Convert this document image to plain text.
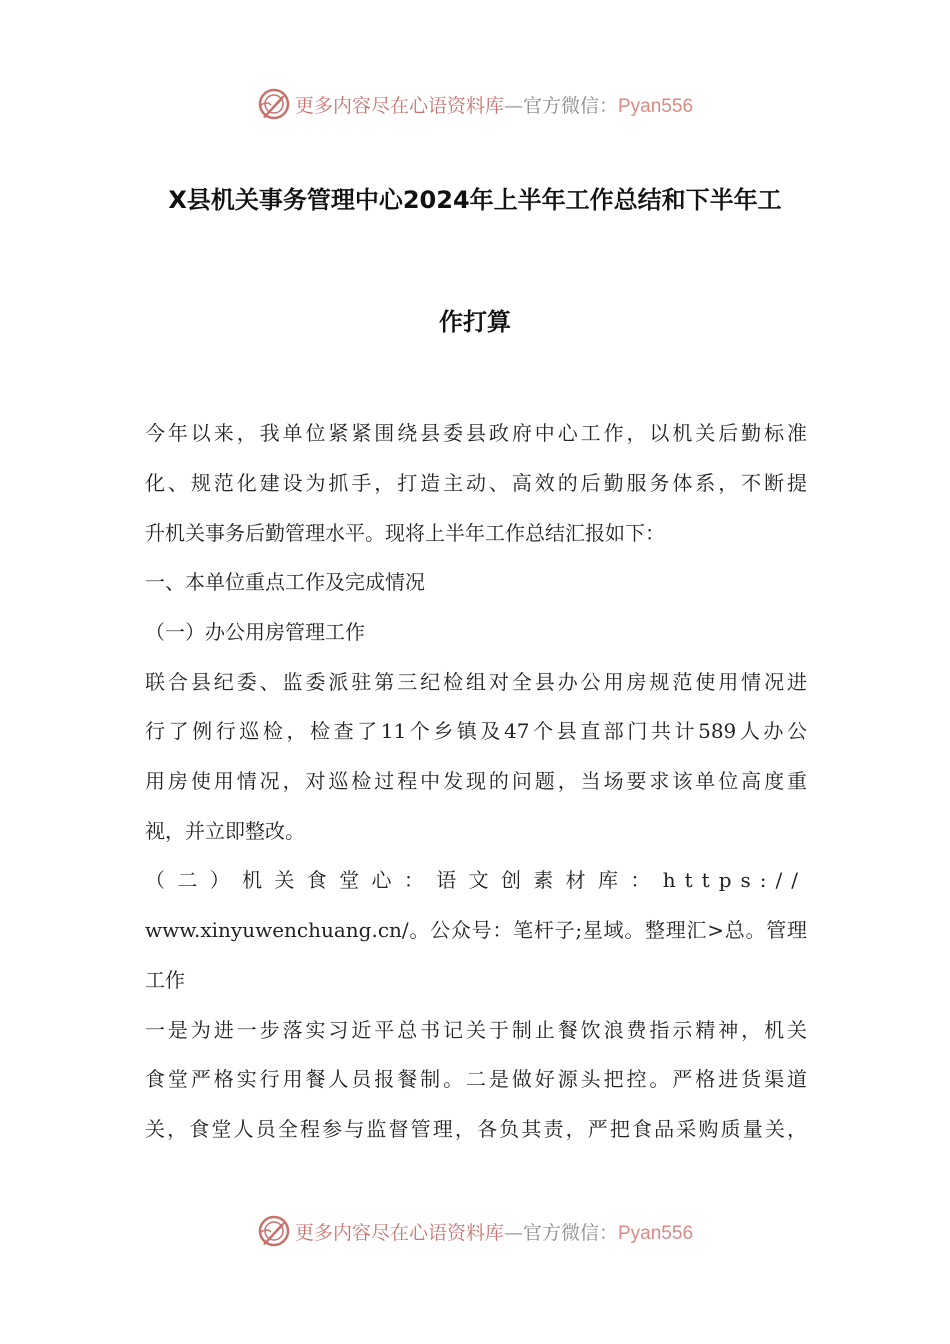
更多内容尽在心语资料库—官方微信：Pyan556
X县机关事务管理中心2024年上半年工作总结和下半年工
作打算
今年以来，我单位紧紧围绕县委县政府中心工作，以机关后勤标准
化、规范化建设为抓手，打造主动、高效的后勤服务体系，不断提
升机关事务后勤管理水平。现将上半年工作总结汇报如下：
一、本单位重点工作及完成情况
（一）办公用房管理工作
联合县纪委、监委派驻第三纪检组对全县办公用房规范使用情况进
行了例行巡检，检查了11个乡镇及47个县直部门共计589人办公
用房使用情况，对巡检过程中发现的问题，当场要求该单位高度重
视，并立即整改。
（二）机关食堂心：语文创素材库：https://
www.xinyuwenchuang.cn/。公众号：笔杆子;星域。整理汇>总。管理
工作
一是为进一步落实习近平总书记关于制止餐饮浪费指示精神，机关
食堂严格实行用餐人员报餐制。二是做好源头把控。严格进货渠道
关，食堂人员全程参与监督管理，各负其责，严把食品采购质量关，
更多内容尽在心语资料库—官方微信：Pyan556
